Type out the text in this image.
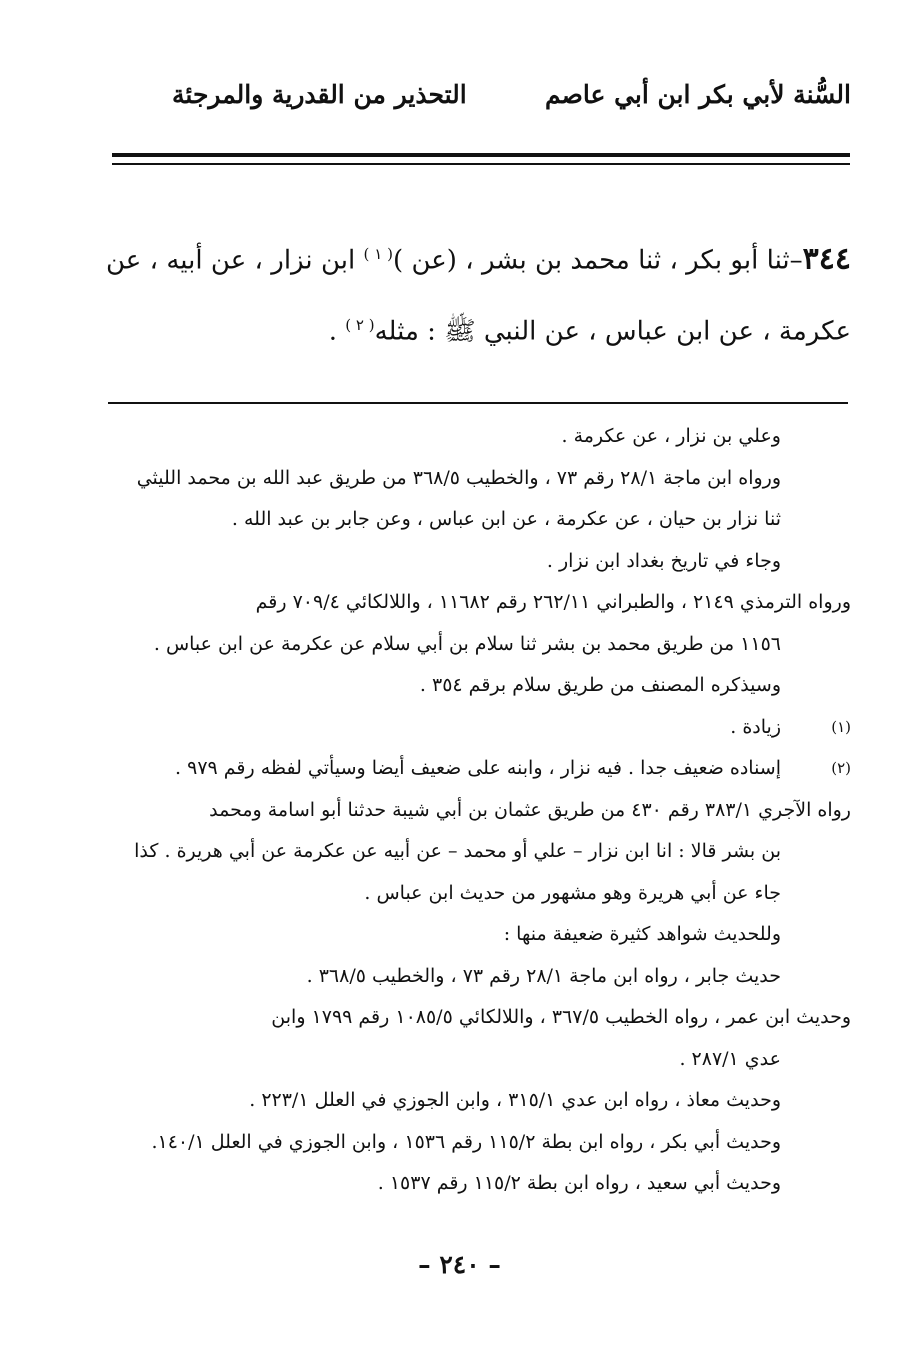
السُّنة لأبي بكر ابن أبي عاصم
التحذير من القدرية والمرجئة
٣٤٤–ثنا أبو بكر ، ثنا محمد بن بشر ، (عن )$^{( ١ )}$ ابن نزار ، عن أبيه ، عن عكرمة ، عن ابن عباس ، عن النبي ﷺ : مثله$^{( ٢ )}$ .
وعلي بن نزار ، عن عكرمة .
ورواه ابن ماجة ٢٨/١ رقم ٧٣ ، والخطيب ٣٦٨/٥ من طريق عبد الله بن محمد الليثي
ثنا نزار بن حيان ، عن عكرمة ، عن ابن عباس ، وعن جابر بن عبد الله .
وجاء في تاريخ بغداد ابن نزار .
ورواه الترمذي ٢١٤٩ ، والطبراني ٢٦٢/١١ رقم ١١٦٨٢ ، واللالكائي ٧٠٩/٤ رقم
١١٥٦ من طريق محمد بن بشر ثنا سلام بن أبي سلام عن عكرمة عن ابن عباس .
وسيذكره المصنف من طريق سلام برقم ٣٥٤ .
(١)زيادة .
(٢)إسناده ضعيف جدا . فيه نزار ، وابنه على ضعيف أيضا وسيأتي لفظه رقم ٩٧٩ .
رواه الآجري ٣٨٣/١ رقم ٤٣٠ من طريق عثمان بن أبي شيبة حدثنا أبو اسامة ومحمد
بن بشر قالا : انا ابن نزار – علي أو محمد – عن أبيه عن عكرمة عن أبي هريرة . كذا
جاء عن أبي هريرة وهو مشهور من حديث ابن عباس .
وللحديث شواهد كثيرة ضعيفة منها :
حديث جابر ، رواه ابن ماجة ٢٨/١ رقم ٧٣ ، والخطيب ٣٦٨/٥ .
وحديث ابن عمر ، رواه الخطيب ٣٦٧/٥ ، واللالكائي ١٠٨٥/٥ رقم ١٧٩٩ وابن
عدي ٢٨٧/١ .
وحديث معاذ ، رواه ابن عدي ٣١٥/١ ، وابن الجوزي في العلل ٢٢٣/١ .
وحديث أبي بكر ، رواه ابن بطة ١١٥/٢ رقم ١٥٣٦ ، وابن الجوزي في العلل ١٤٠/١.
وحديث أبي سعيد ، رواه ابن بطة ١١٥/٢ رقم ١٥٣٧ .
– ٢٤٠ –
